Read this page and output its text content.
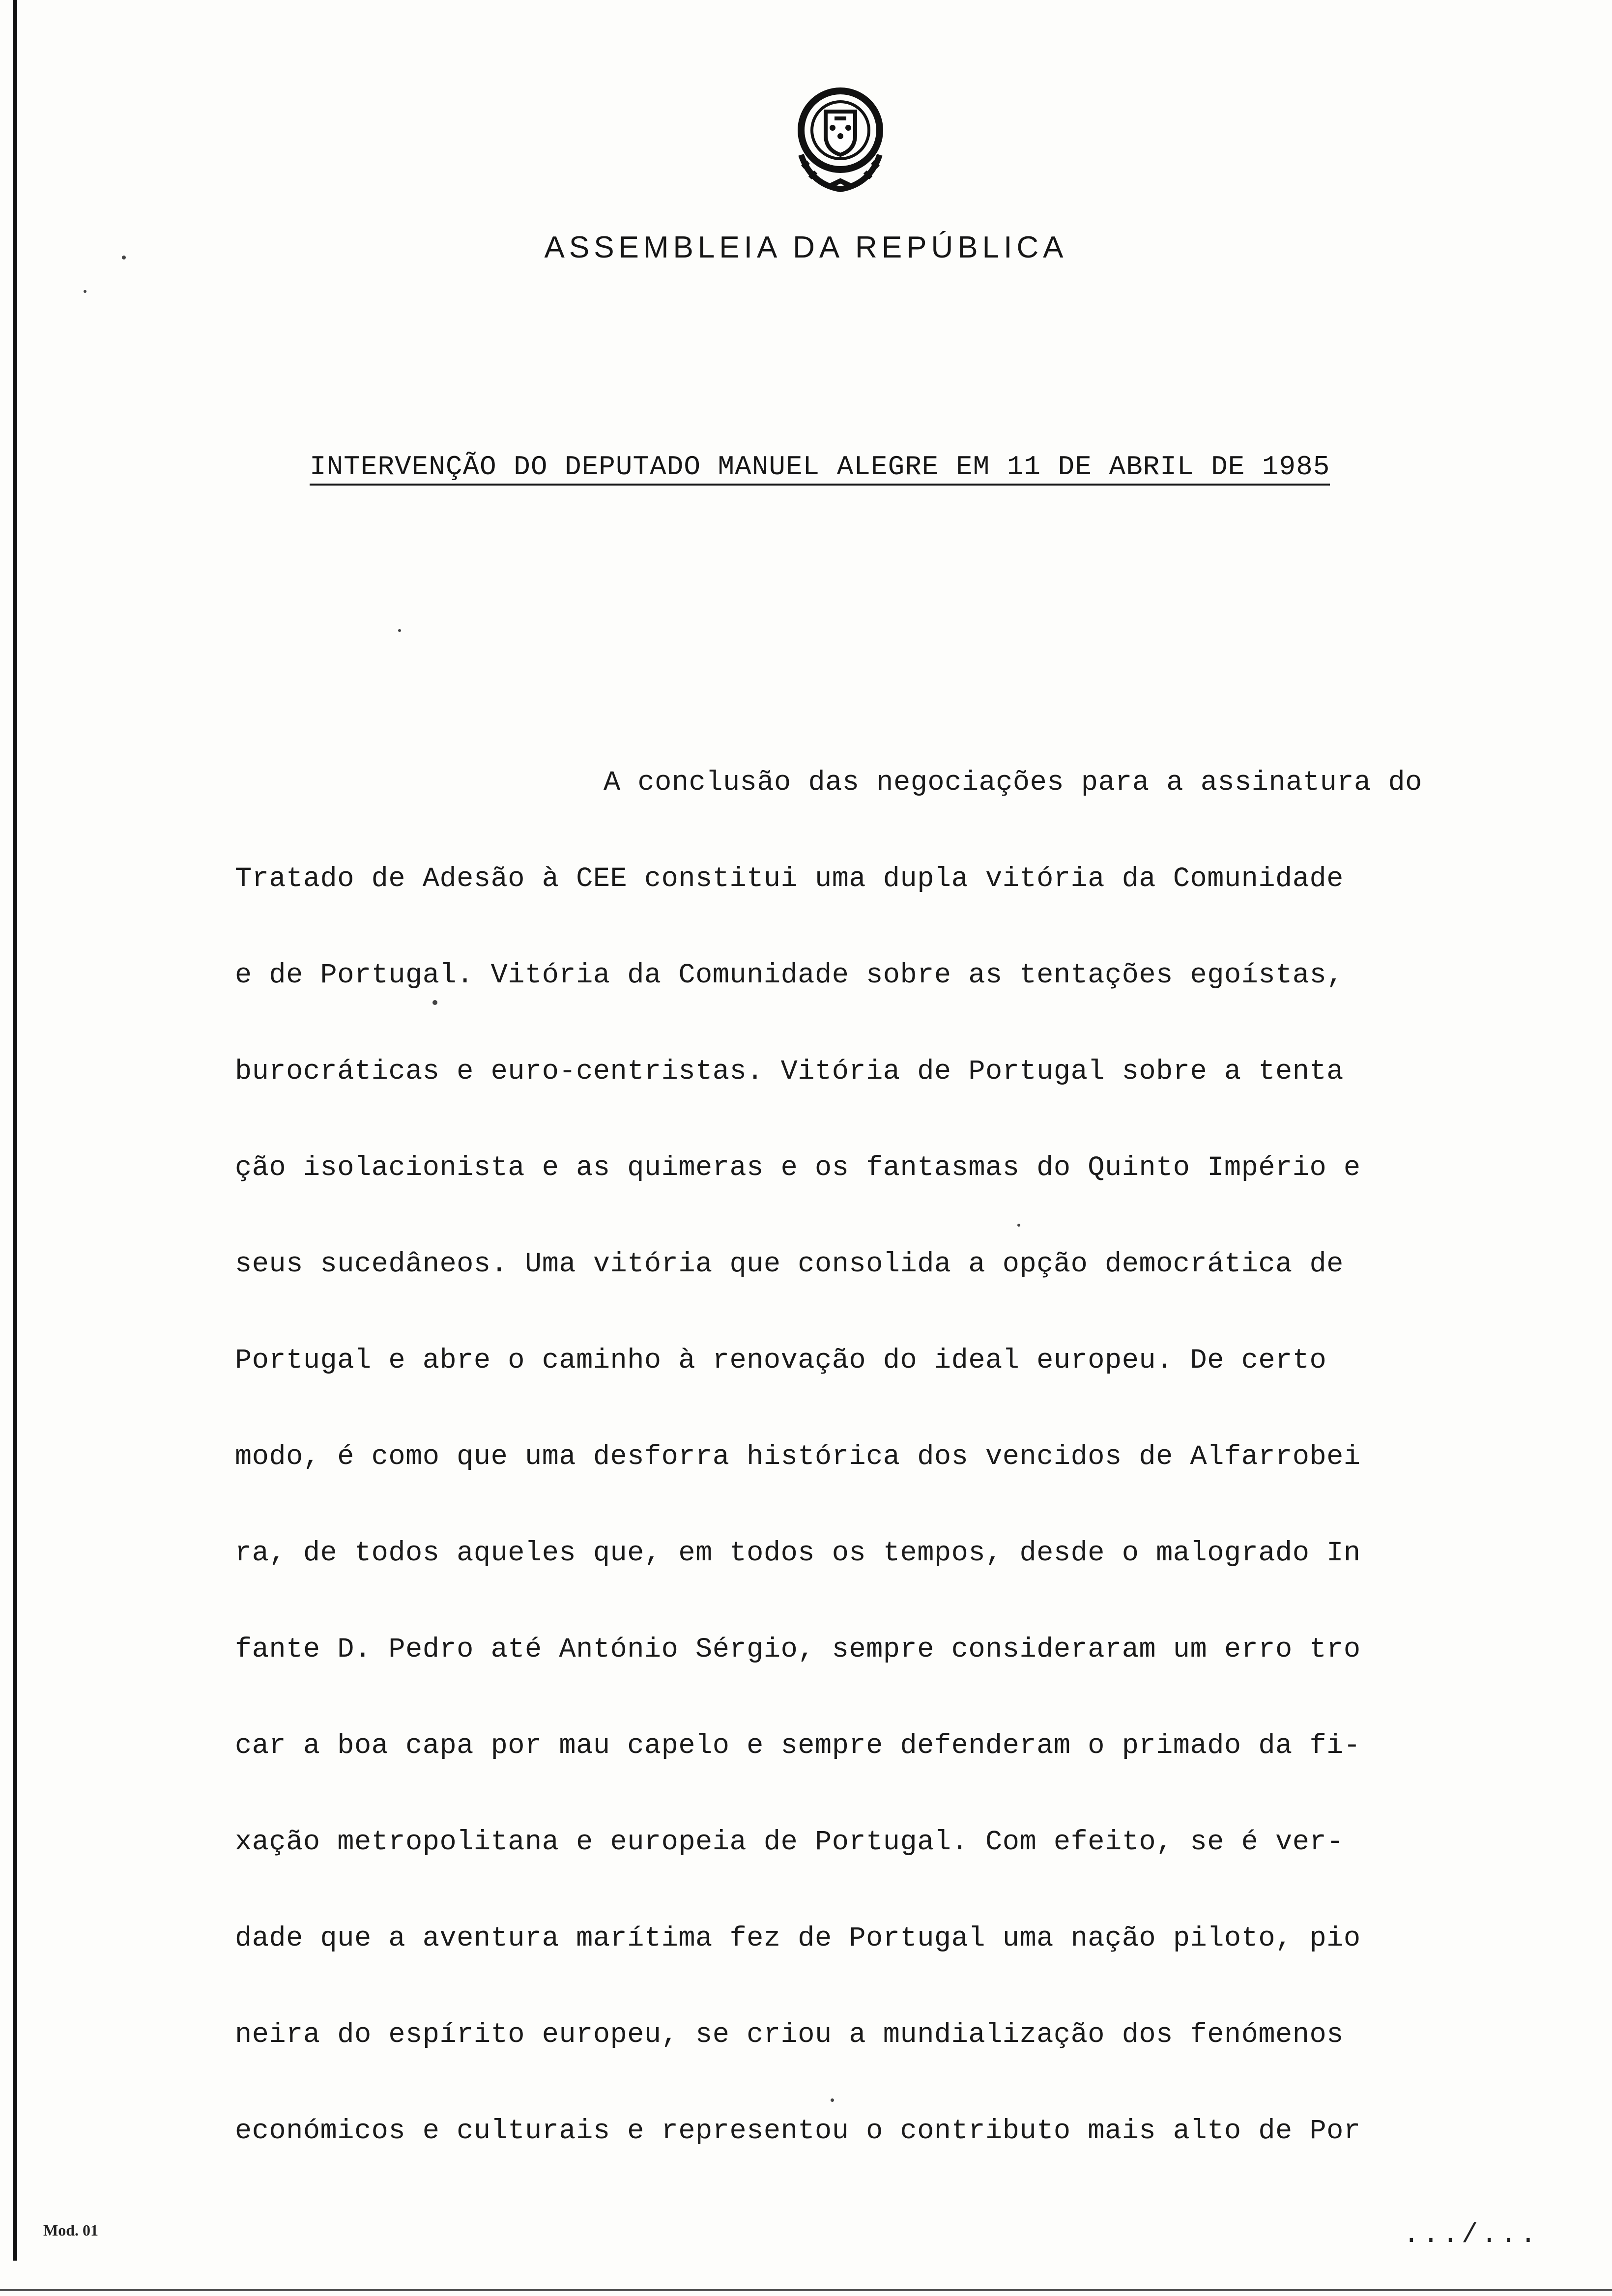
ASSEMBLEIA DA REPÚBLICA
INTERVENÇÃO DO DEPUTADO MANUEL ALEGRE EM 11 DE ABRIL DE 1985
A conclusão das negociações para a assinatura do
Tratado de Adesão à CEE constitui uma dupla vitória da Comunidade
e de Portugal. Vitória da Comunidade sobre as tentações egoístas,
burocráticas e euro-centristas. Vitória de Portugal sobre a tenta
ção isolacionista e as quimeras e os fantasmas do Quinto Império e
seus sucedâneos. Uma vitória que consolida a opção democrática de
Portugal e abre o caminho à renovação do ideal europeu. De certo
modo, é como que uma desforra histórica dos vencidos de Alfarrobei
ra, de todos aqueles que, em todos os tempos, desde o malogrado In
fante D. Pedro até António Sérgio, sempre consideraram um erro tro
car a boa capa por mau capelo e sempre defenderam o primado da fi-
xação metropolitana e europeia de Portugal. Com efeito, se é ver-
dade que a aventura marítima fez de Portugal uma nação piloto, pio
neira do espírito europeu, se criou a mundialização dos fenómenos
económicos e culturais e representou o contributo mais alto de Por
Mod. 01	.../...
